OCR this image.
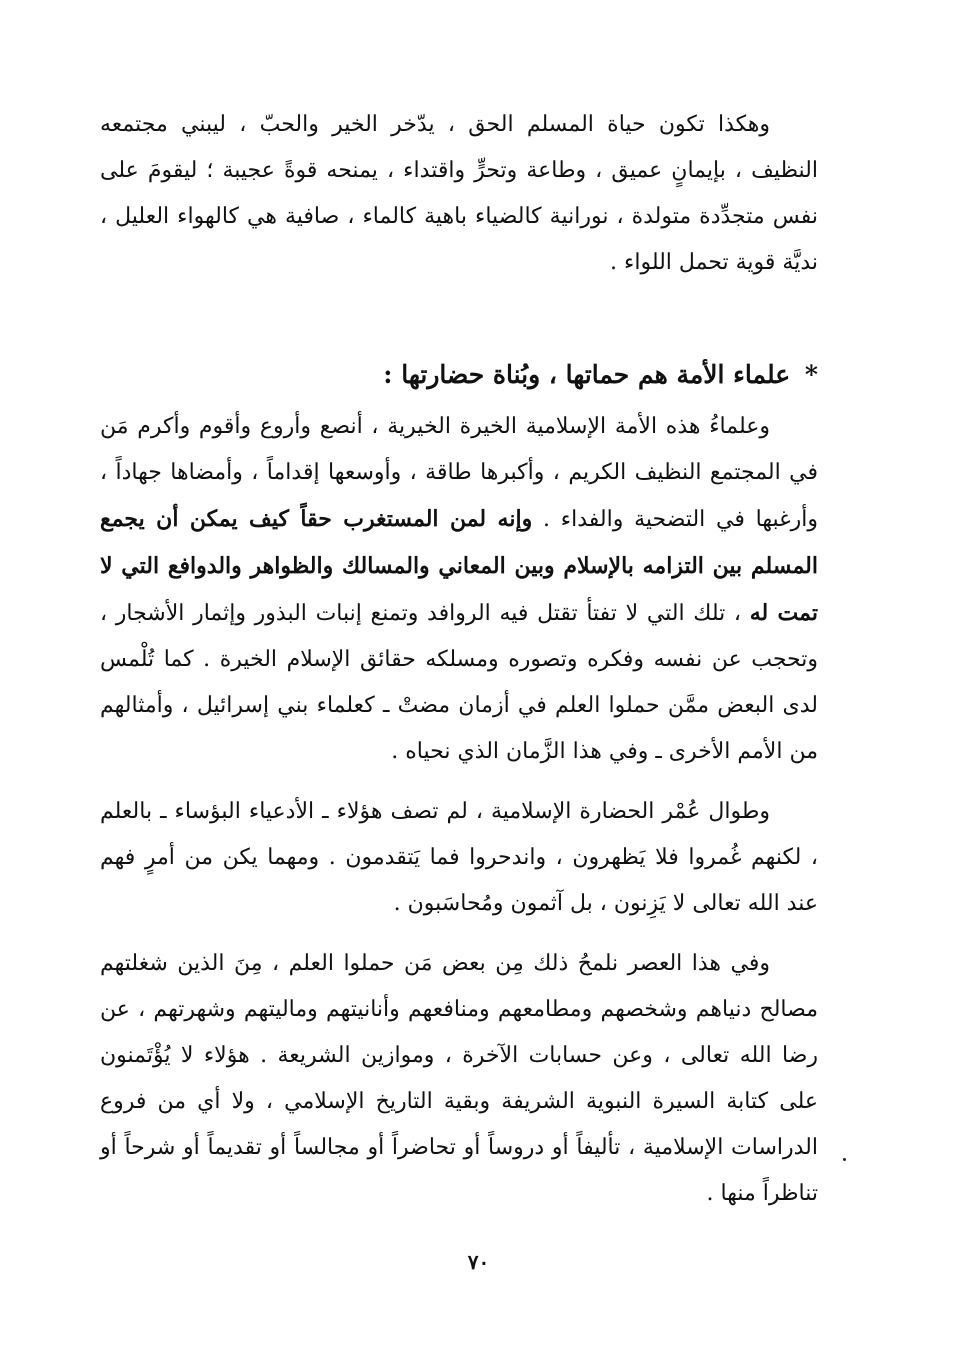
وهكذا تكون حياة المسلم الحق ، يدّخر الخير والحبّ ، ليبني مجتمعه النظيف ، بإيمانٍ عميق ، وطاعة وتحرٍّ واقتداء ، يمنحه قوةً عجيبة ؛ ليقومَ على نفس متجدِّدة متولدة ، نورانية كالضياء باهية كالماء ، صافية هي كالهواء العليل ، نديَّة قوية تحمل اللواء .

* علماء الأمة هم حماتها ، وبُناة حضارتها :

وعلماءُ هذه الأمة الإسلامية الخيرة الخيرية ، أنصع وأروع وأقوم وأكرم مَن في المجتمع النظيف الكريم ، وأكبرها طاقة ، وأوسعها إقداماً ، وأمضاها جهاداً ، وأرغبها في التضحية والفداء . وإنه لمن المستغرب حقاً كيف يمكن أن يجمع المسلم بين التزامه بالإسلام وبين المعاني والمسالك والظواهر والدوافع التي لا تمت له ، تلك التي لا تفتأ تقتل فيه الروافد وتمنع إنبات البذور وإثمار الأشجار ، وتحجب عن نفسه وفكره وتصوره ومسلكه حقائق الإسلام الخيرة . كما تُلْمس لدى البعض ممَّن حملوا العلم في أزمان مضتْ ـ كعلماء بني إسرائيل ، وأمثالهم من الأمم الأخرى ـ وفي هذا الزَّمان الذي نحياه .

وطوال عُمْر الحضارة الإسلامية ، لم تصف هؤلاء ـ الأدعياء البؤساء ـ بالعلم ، لكنهم غُمروا فلا يَظهرون ، واندحروا فما يَتقدمون . ومهما يكن من أمرٍ فهم عند الله تعالى لا يَزِنون ، بل آثمون ومُحاسَبون .

وفي هذا العصر نلمحُ ذلك مِن بعض مَن حملوا العلم ، مِنَ الذين شغلتهم مصالح دنياهم وشخصهم ومطامعهم ومنافعهم وأنانيتهم وماليتهم وشهرتهم ، عن رضا الله تعالى ، وعن حسابات الآخرة ، وموازين الشريعة . هؤلاء لا يُؤْتَمنون على كتابة السيرة النبوية الشريفة وبقية التاريخ الإسلامي ، ولا أي من فروع الدراسات الإسلامية ، تأليفاً أو دروساً أو تحاضراً أو مجالساً أو تقديماً أو شرحاً أو تناظراً منها .

٧٠
